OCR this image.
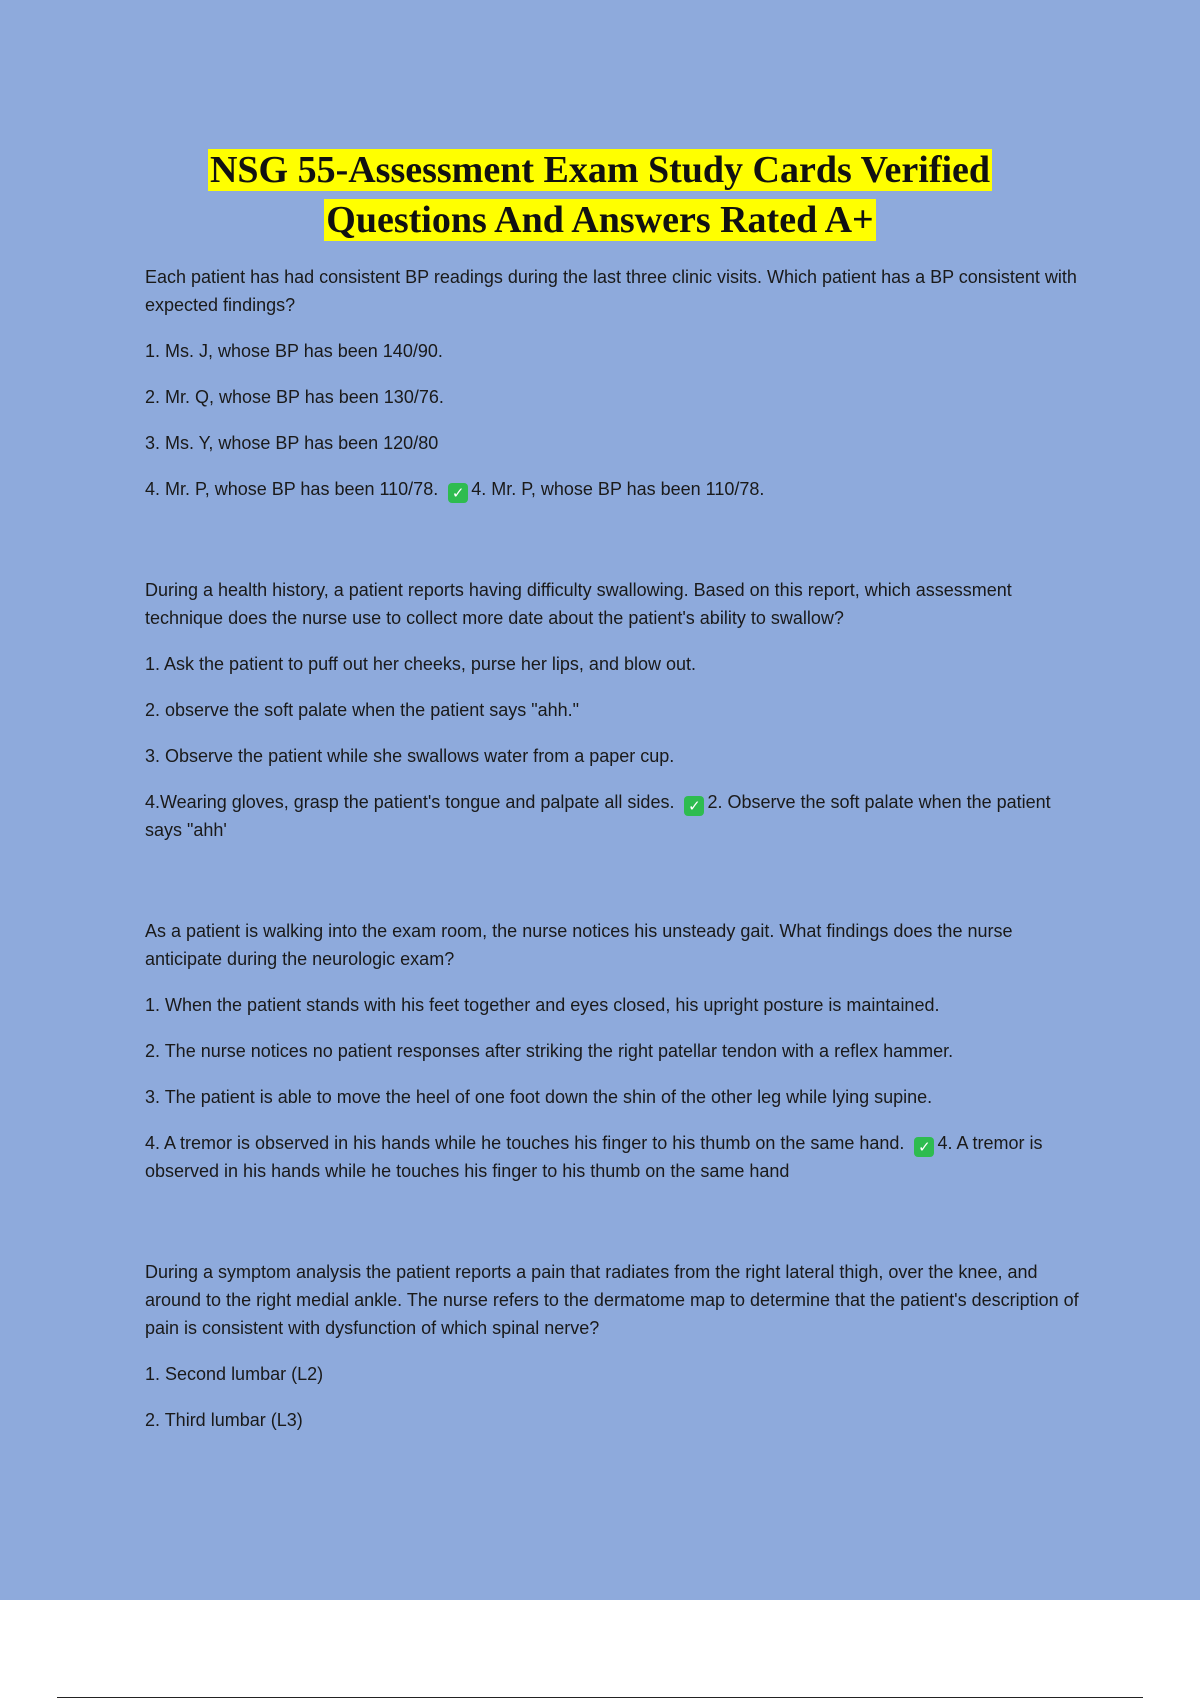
NSG 55-Assessment Exam Study Cards Verified
Questions And Answers Rated A+

Each patient has had consistent BP readings during the last three clinic visits. Which patient has a BP consistent with expected findings?

1. Ms. J, whose BP has been 140/90.

2. Mr. Q, whose BP has been 130/76.

3. Ms. Y, whose BP has been 120/80

4. Mr. P, whose BP has been 110/78. ✓ 4. Mr. P, whose BP has been 110/78.

During a health history, a patient reports having difficulty swallowing. Based on this report, which assessment technique does the nurse use to collect more date about the patient's ability to swallow?

1. Ask the patient to puff out her cheeks, purse her lips, and blow out.

2. observe the soft palate when the patient says "ahh."

3. Observe the patient while she swallows water from a paper cup.

4.Wearing gloves, grasp the patient's tongue and palpate all sides. ✓ 2. Observe the soft palate when the patient says "ahh'

As a patient is walking into the exam room, the nurse notices his unsteady gait. What findings does the nurse anticipate during the neurologic exam?

1. When the patient stands with his feet together and eyes closed, his upright posture is maintained.

2. The nurse notices no patient responses after striking the right patellar tendon with a reflex hammer.

3. The patient is able to move the heel of one foot down the shin of the other leg while lying supine.

4. A tremor is observed in his hands while he touches his finger to his thumb on the same hand. ✓ 4. A tremor is observed in his hands while he touches his finger to his thumb on the same hand

During a symptom analysis the patient reports a pain that radiates from the right lateral thigh, over the knee, and around to the right medial ankle. The nurse refers to the dermatome map to determine that the patient's description of pain is consistent with dysfunction of which spinal nerve?

1. Second lumbar (L2)

2. Third lumbar (L3)
